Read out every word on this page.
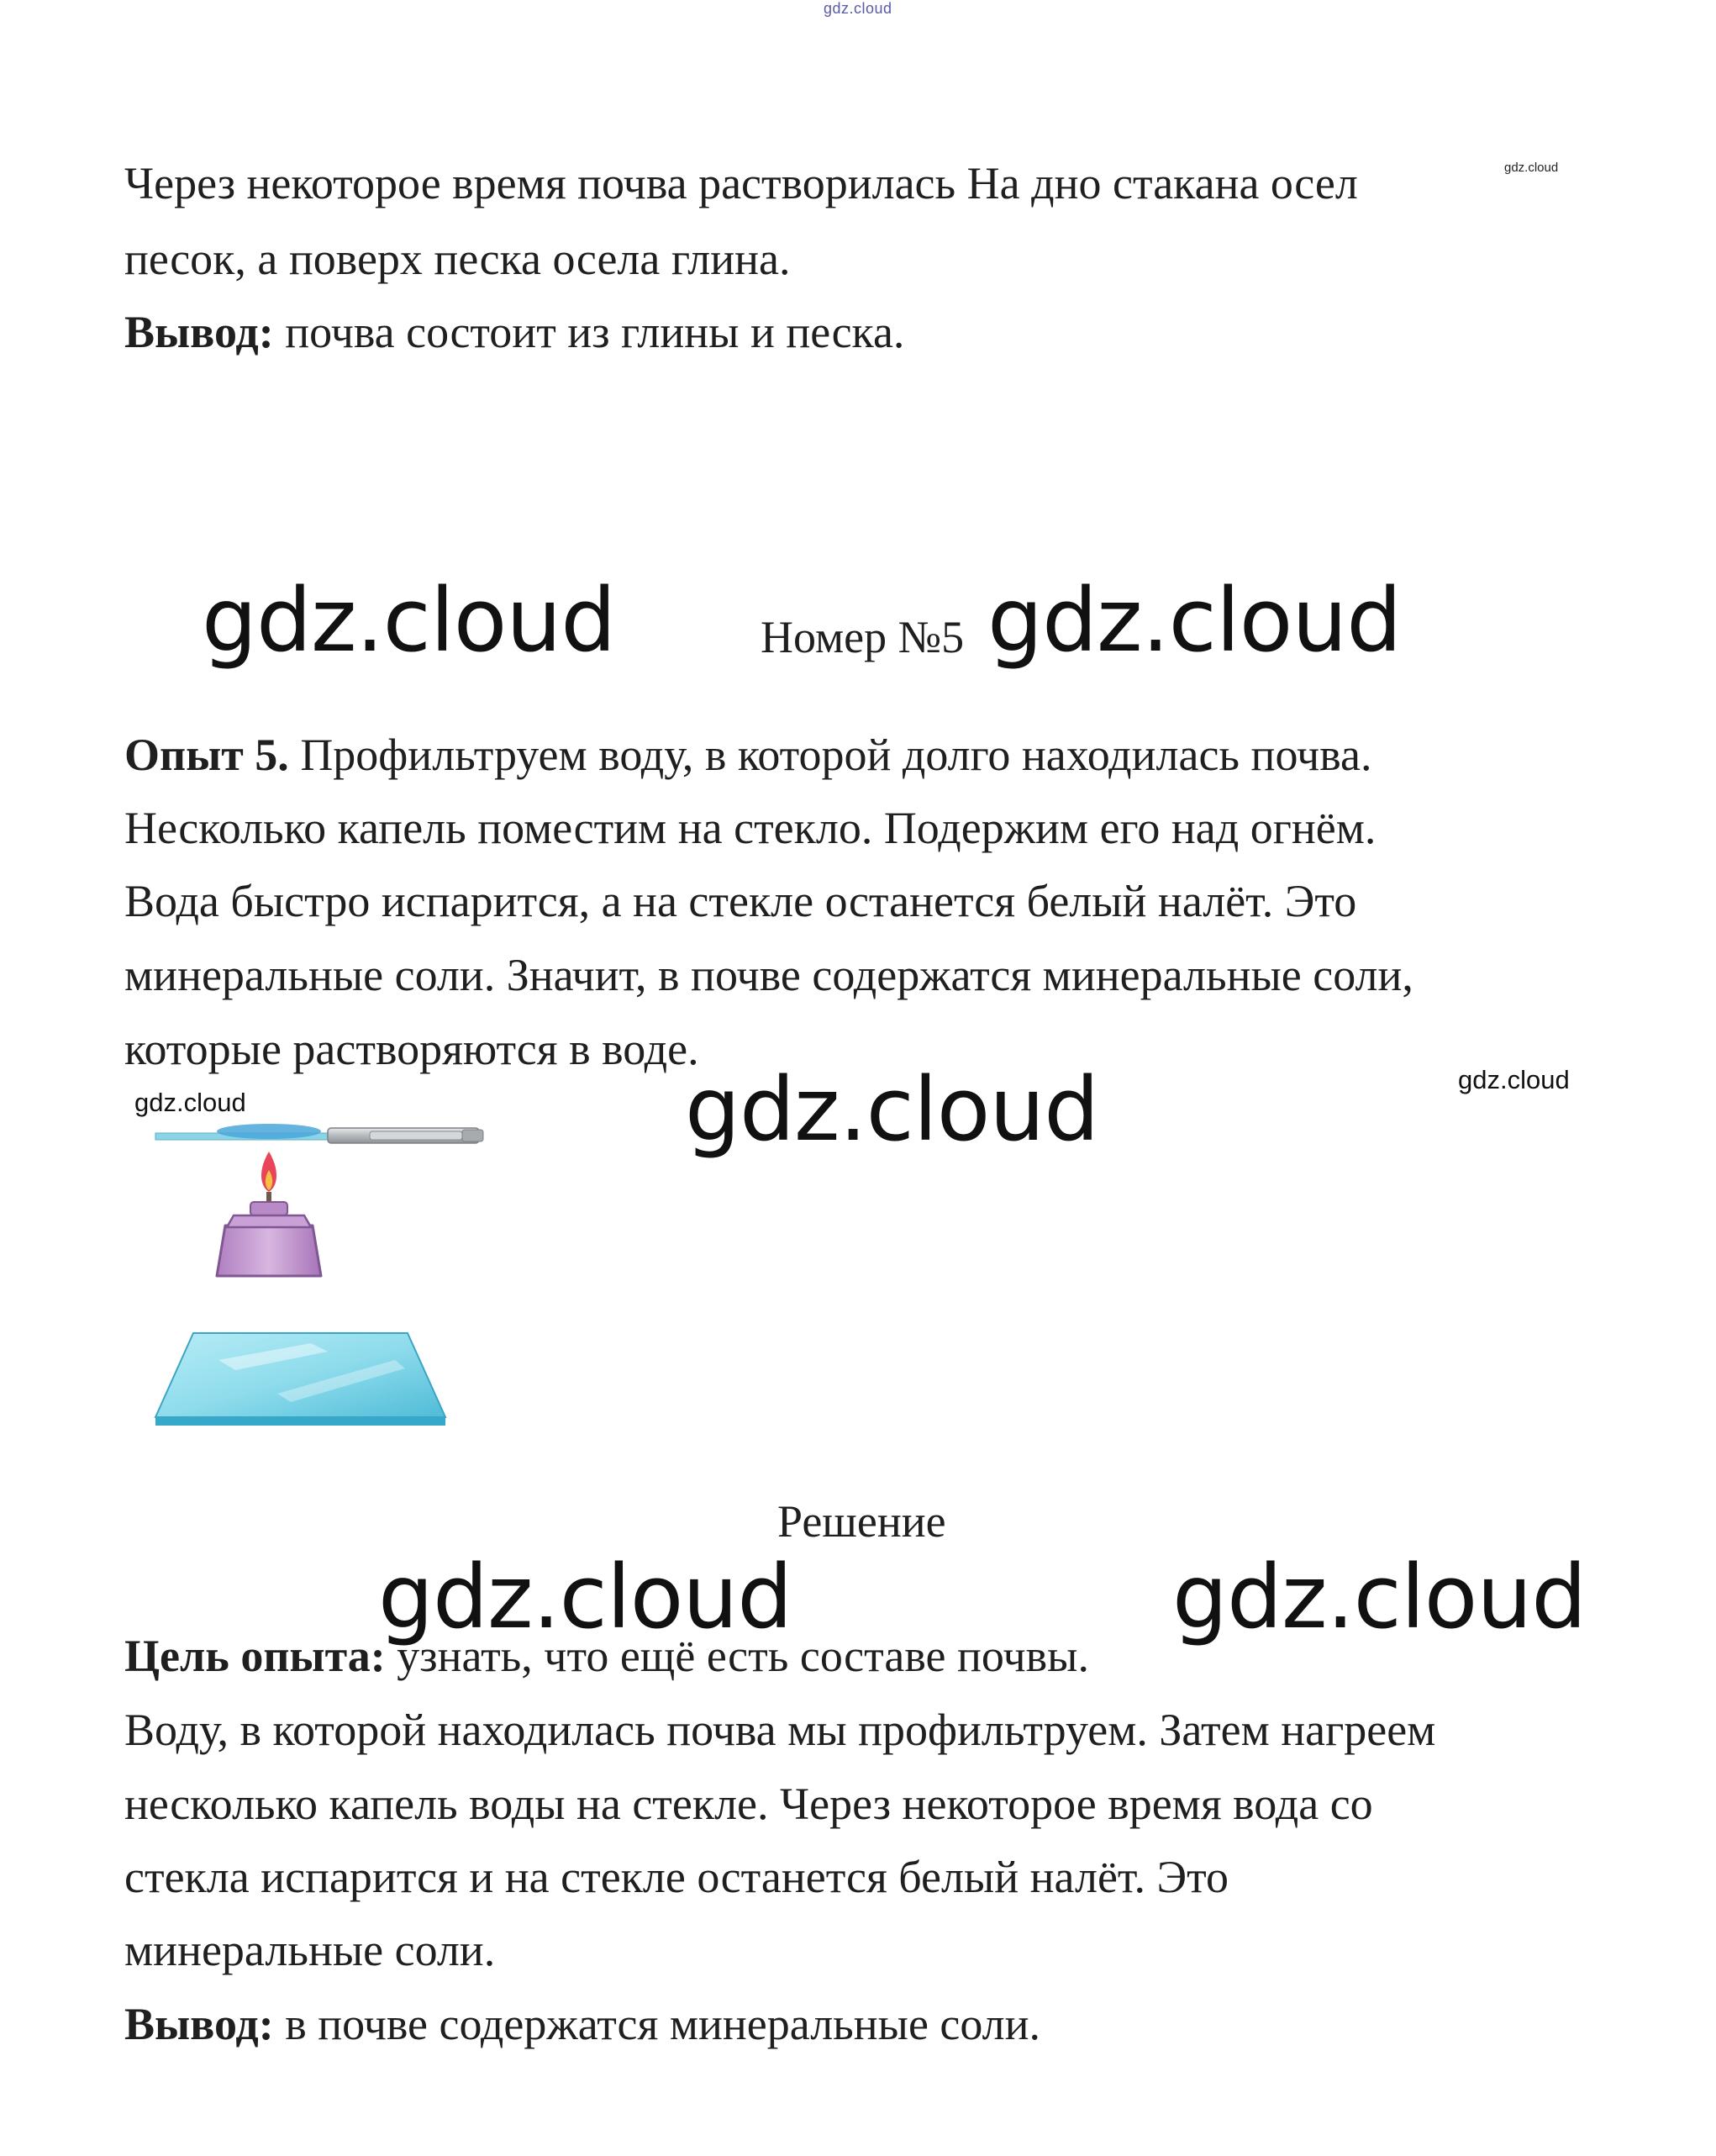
gdz.cloud
Через некоторое время почва растворилась На дно стакана осел	gdz.cloud
песок, а поверх песка осела глина.
Вывод: почва состоит из глины и песка.
gdz.cloud	Номер №5 gdz.cloud
Опыт 5. Профильтруем воду, в которой долго находилась почва.
Несколько капель поместим на стекло. Подержим его над огнём.
Вода быстро испарится, а на стекле останется белый налёт. Это
минеральные соли. Значит, в почве содержатся минеральные соли,
которые растворяются в воде.
gdz.cloud	gdz.cloud	gdz.cloud
Решение
gdz.cloud	gdz.cloud
Цель опыта: узнать, что ещё есть составе почвы.
Воду, в которой находилась почва мы профильтруем. Затем нагреем
несколько капель воды на стекле. Через некоторое время вода со
стекла испарится и на стекле останется белый налёт. Это
минеральные соли.
Вывод: в почве содержатся минеральные соли.
